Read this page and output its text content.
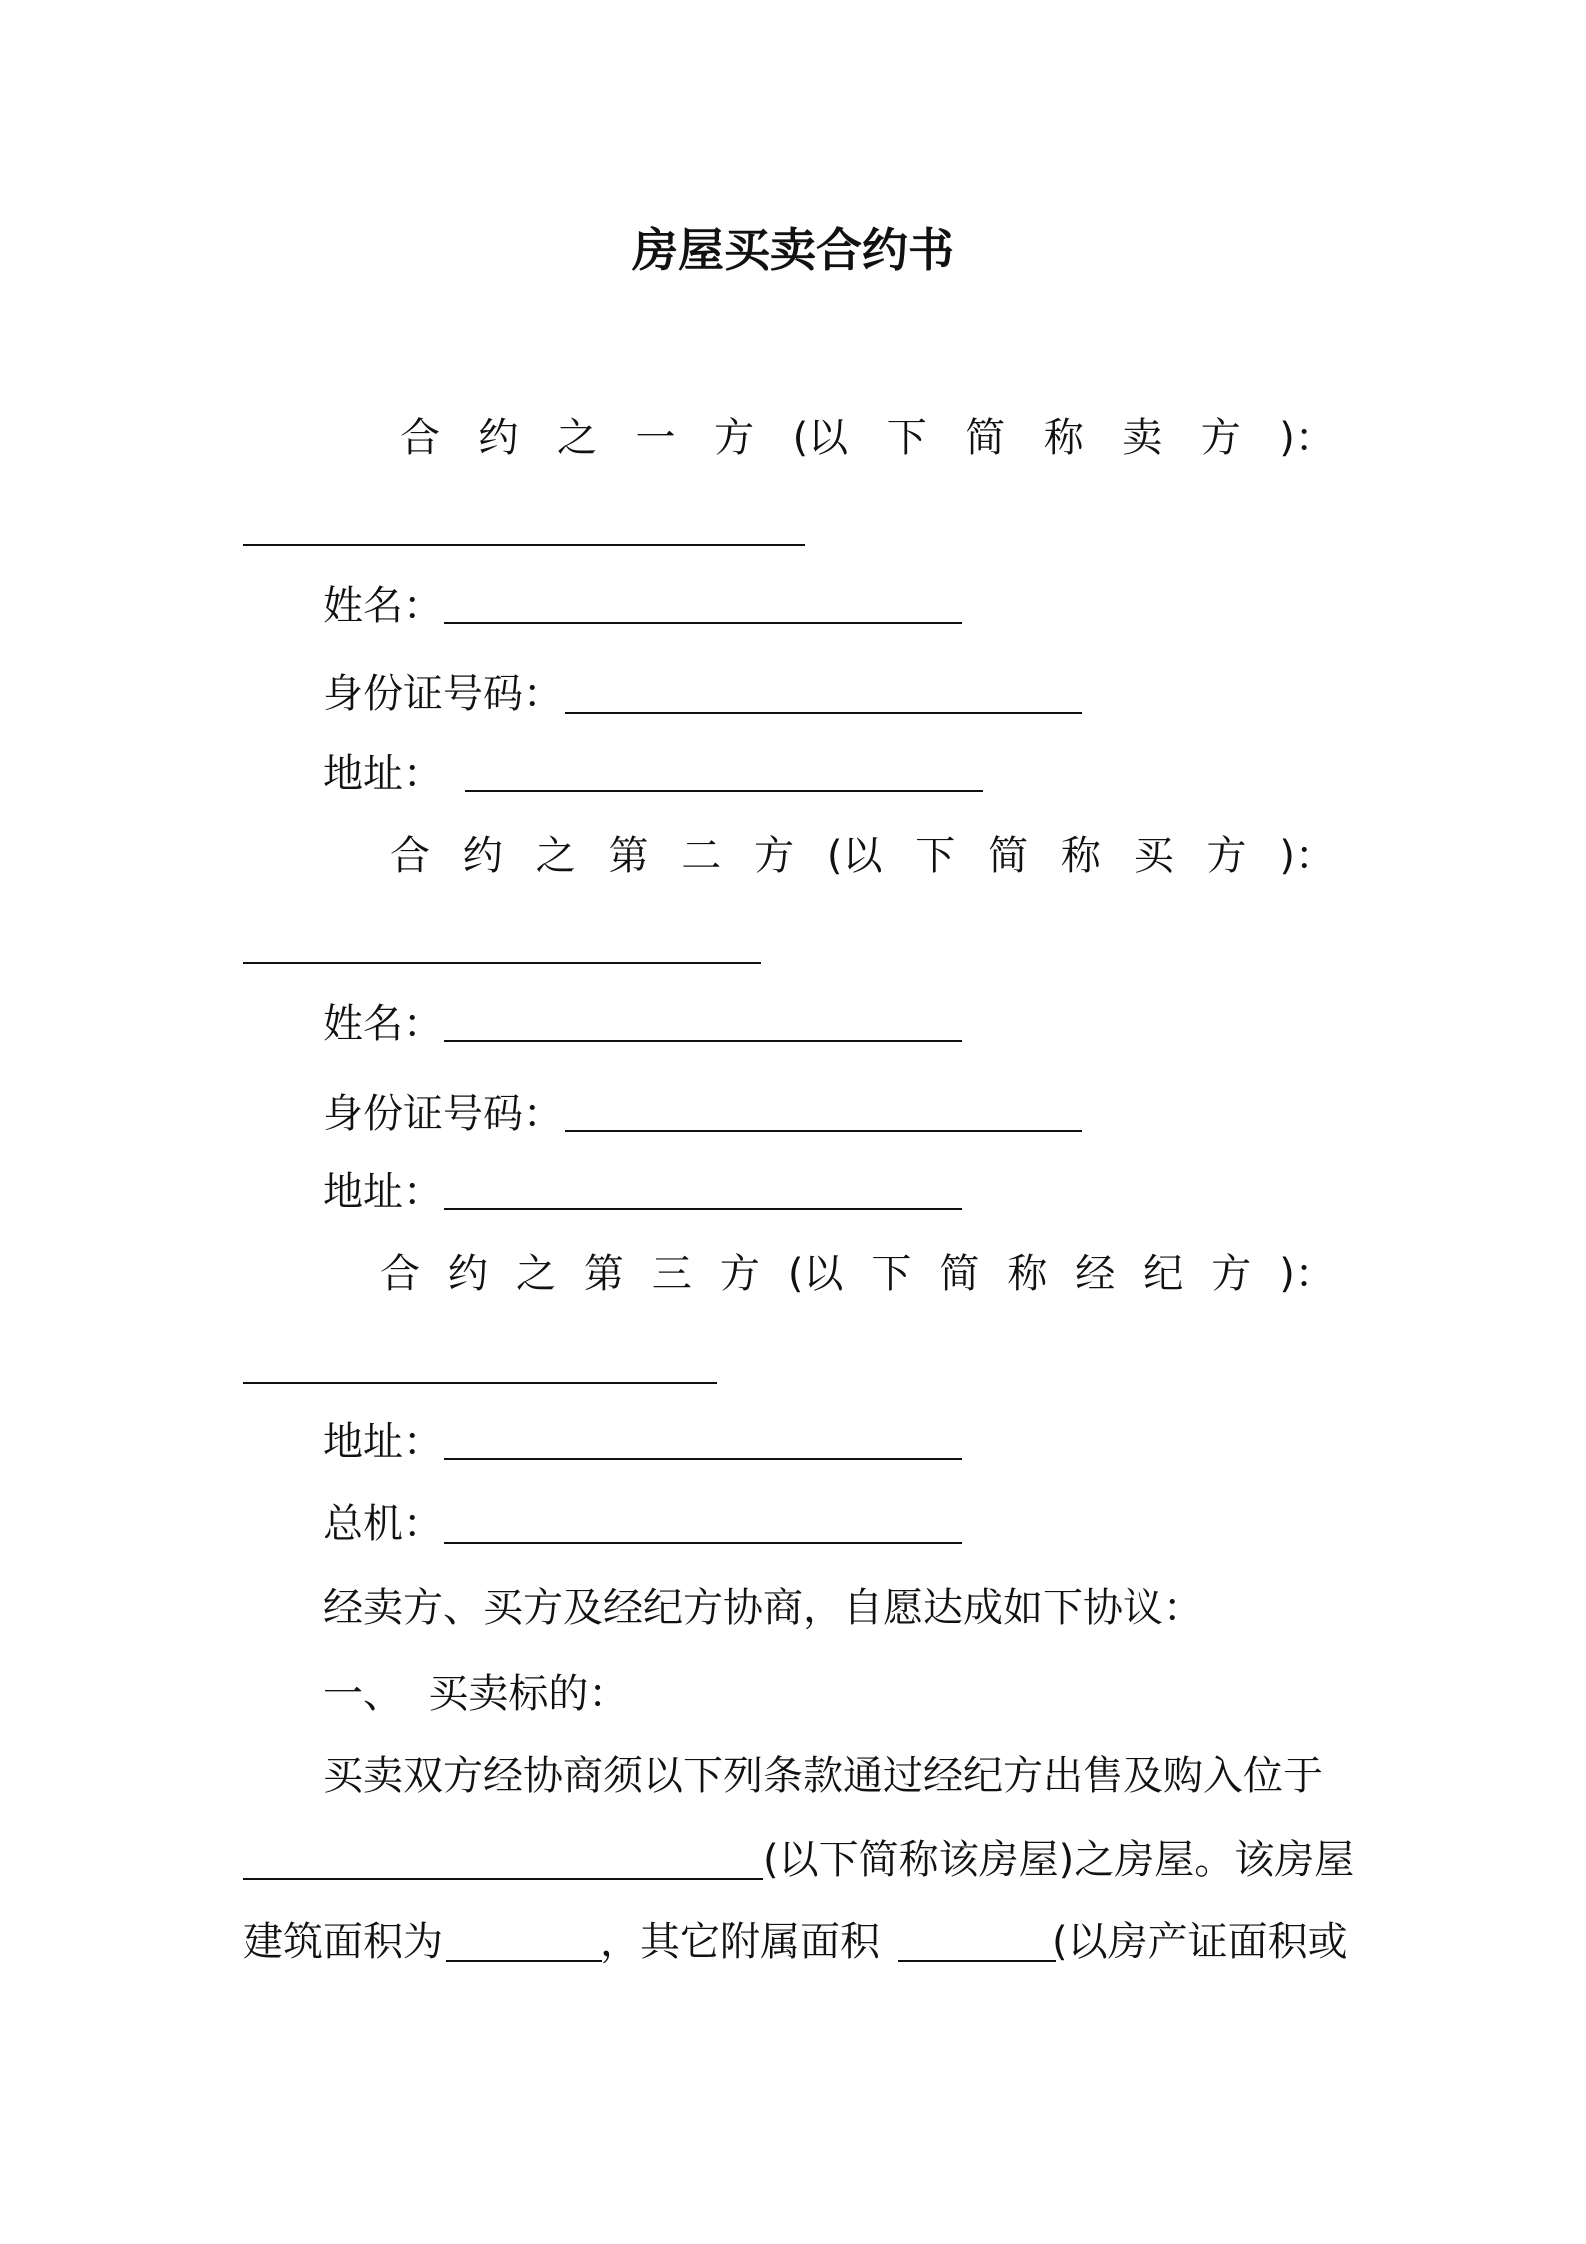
房屋买卖合约书
合 约 之 一 方 (以 下 简 称 卖 方 )：
姓名：
身份证号码：
地址：
合 约 之 第 二 方 (以 下 简 称 买 方 )：
姓名：
身份证号码：
地址：
合 约 之 第 三 方 (以 下 简 称 经 纪 方 )：
地址：
总机：
经卖方、买方及经纪方协商，自愿达成如下协议：
一、  买卖标的：
买卖双方经协商须以下列条款通过经纪方出售及购入位于
(以下简称该房屋)之房屋。该房屋
建筑面积为	，其它附属面积	(以房产证面积或
